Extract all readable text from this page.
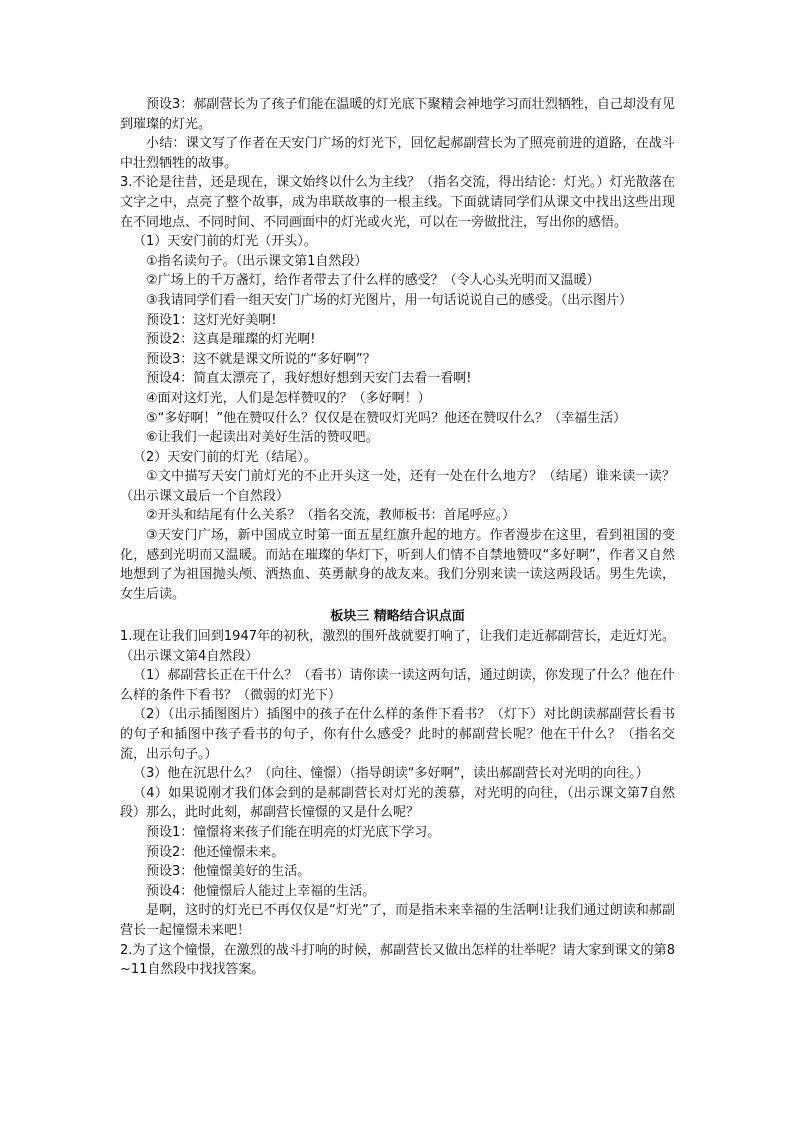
预设3：郝副营长为了孩子们能在温暖的灯光底下聚精会神地学习而壮烈牺牲，自己却没有见到璀璨的灯光。

小结：课文写了作者在天安门广场的灯光下，回忆起郝副营长为了照亮前进的道路，在战斗中壮烈牺牲的故事。

3.不论是往昔，还是现在，课文始终以什么为主线？（指名交流，得出结论：灯光。）灯光散落在文字之中，点亮了整个故事，成为串联故事的一根主线。下面就请同学们从课文中找出这些出现在不同地点、不同时间、不同画面中的灯光或火光，可以在一旁做批注，写出你的感悟。

（1）天安门前的灯光（开头）。

①指名读句子。（出示课文第1自然段）

②广场上的千万盏灯，给作者带去了什么样的感受？（令人心头光明而又温暖）

③我请同学们看一组天安门广场的灯光图片，用一句话说说自己的感受。（出示图片）

预设1：这灯光好美啊!

预设2：这真是璀璨的灯光啊!

预设3：这不就是课文所说的“多好啊”？

预设4：简直太漂亮了，我好想好想到天安门去看一看啊!

④面对这灯光，人们是怎样赞叹的？（多好啊！）

⑤“多好啊！”他在赞叹什么？仅仅是在赞叹灯光吗？他还在赞叹什么？（幸福生活）

⑥让我们一起读出对美好生活的赞叹吧。

（2）天安门前的灯光（结尾）。

①文中描写天安门前灯光的不止开头这一处，还有一处在什么地方？（结尾）谁来读一读？（出示课文最后一个自然段）

②开头和结尾有什么关系？（指名交流，教师板书：首尾呼应。）

③天安门广场，新中国成立时第一面五星红旗升起的地方。作者漫步在这里，看到祖国的变化，感到光明而又温暖。而站在璀璨的华灯下，听到人们情不自禁地赞叹“多好啊”，作者又自然地想到了为祖国抛头颅、洒热血、英勇献身的战友来。我们分别来读一读这两段话。男生先读，女生后读。

板块三 精略结合识点面

1.现在让我们回到1947年的初秋，激烈的围歼战就要打响了，让我们走近郝副营长，走近灯光。（出示课文第4自然段）

（1）郝副营长正在干什么？（看书）请你读一读这两句话，通过朗读，你发现了什么？他在什么样的条件下看书？（微弱的灯光下）

（2）（出示插图图片）插图中的孩子在什么样的条件下看书？（灯下）对比朗读郝副营长看书的句子和插图中孩子看书的句子，你有什么感受？此时的郝副营长呢？他在干什么？（指名交流，出示句子。）

（3）他在沉思什么？（向往、憧憬）（指导朗读“多好啊”，读出郝副营长对光明的向往。）

（4）如果说刚才我们体会到的是郝副营长对灯光的羡慕，对光明的向往，（出示课文第7自然段）那么，此时此刻，郝副营长憧憬的又是什么呢？

预设1：憧憬将来孩子们能在明亮的灯光底下学习。

预设2：他还憧憬未来。

预设3：他憧憬美好的生活。

预设4：他憧憬后人能过上幸福的生活。

是啊，这时的灯光已不再仅仅是“灯光”了，而是指未来幸福的生活啊!让我们通过朗读和郝副营长一起憧憬未来吧！

2.为了这个憧憬，在激烈的战斗打响的时候，郝副营长又做出怎样的壮举呢？请大家到课文的第8~11自然段中找找答案。
